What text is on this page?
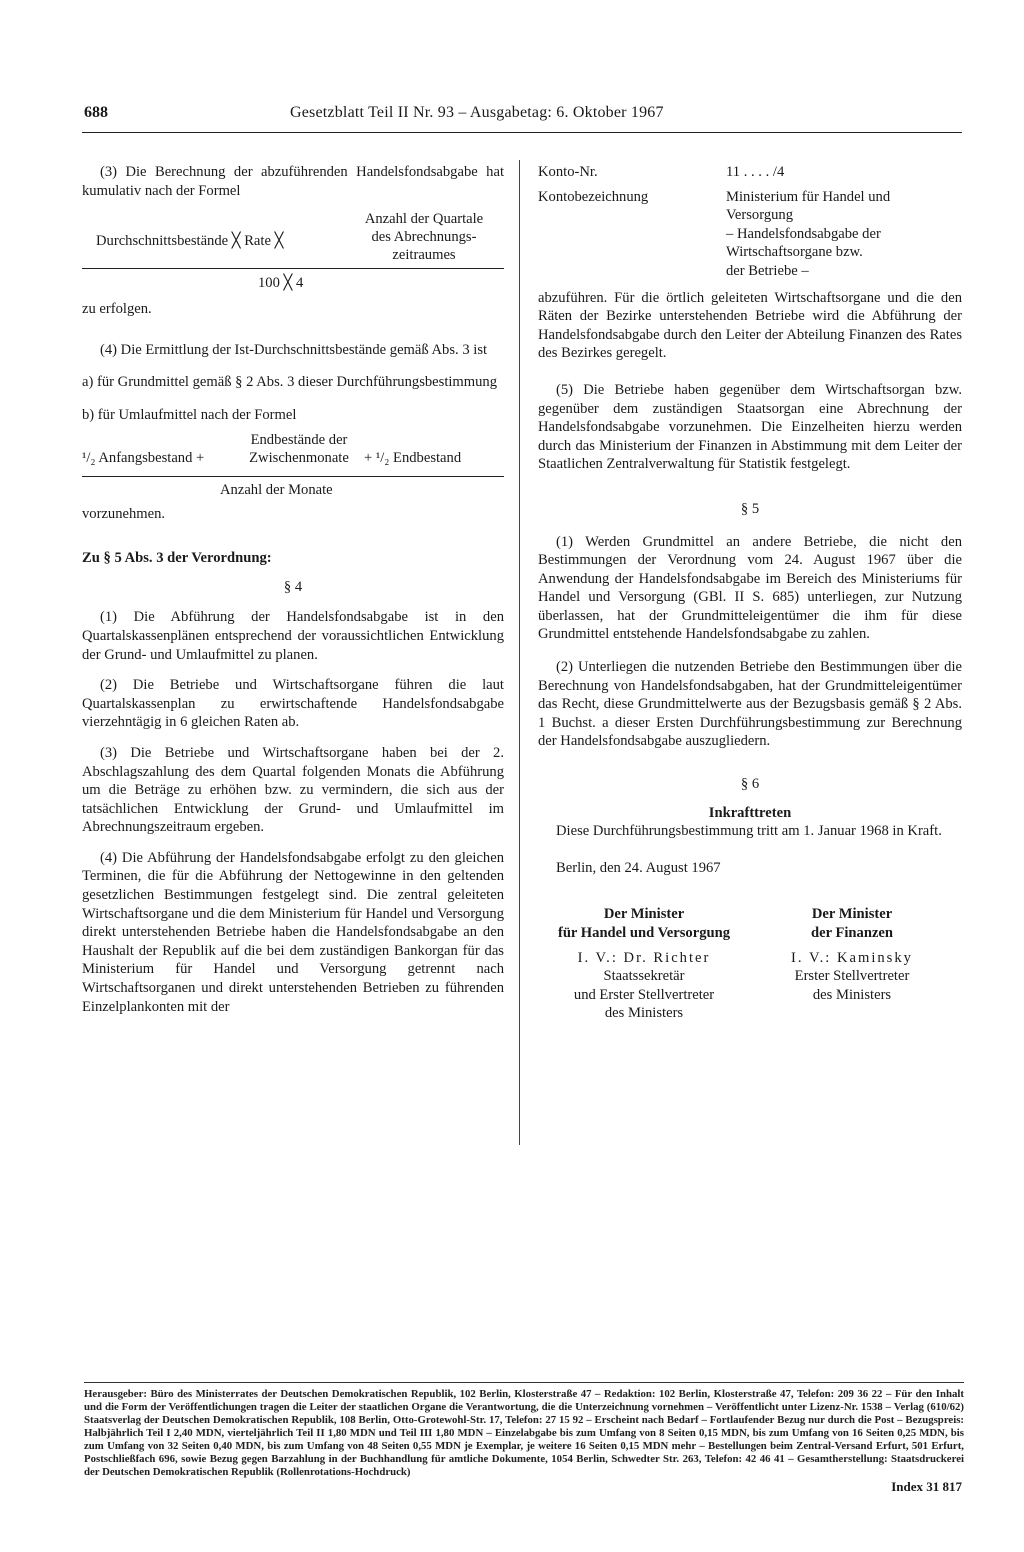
688	Gesetzblatt Teil II Nr. 93 – Ausgabetag: 6. Oktober 1967

(3) Die Berechnung der abzuführenden Handelsfondsabgabe hat kumulativ nach der Formel

Durchschnittsbestände ╳ Rate ╳
Anzahl der Quartale
des Abrechnungs-
zeitraumes
100 ╳ 4

zu erfolgen.

(4) Die Ermittlung der Ist-Durchschnittsbestände gemäß Abs. 3 ist

a) für Grundmittel gemäß § 2 Abs. 3 dieser Durchführungsbestimmung

b) für Umlaufmittel nach der Formel

¹/₂ Anfangsbestand +
Endbestände der
Zwischenmonate	+ ¹/₂ Endbestand
Anzahl der Monate

vorzunehmen.

Zu § 5 Abs. 3 der Verordnung:

§ 4

(1) Die Abführung der Handelsfondsabgabe ist in den Quartalskassenplänen entsprechend der voraussichtlichen Entwicklung der Grund- und Umlaufmittel zu planen.

(2) Die Betriebe und Wirtschaftsorgane führen die laut Quartalskassenplan zu erwirtschaftende Handelsfondsabgabe vierzehntägig in 6 gleichen Raten ab.

(3) Die Betriebe und Wirtschaftsorgane haben bei der 2. Abschlagszahlung des dem Quartal folgenden Monats die Abführung um die Beträge zu erhöhen bzw. zu vermindern, die sich aus der tatsächlichen Entwicklung der Grund- und Umlaufmittel im Abrechnungszeitraum ergeben.

(4) Die Abführung der Handelsfondsabgabe erfolgt zu den gleichen Terminen, die für die Abführung der Nettogewinne in den geltenden gesetzlichen Bestimmungen festgelegt sind. Die zentral geleiteten Wirtschaftsorgane und die dem Ministerium für Handel und Versorgung direkt unterstehenden Betriebe haben die Handelsfondsabgabe an den Haushalt der Republik auf die bei dem zuständigen Bankorgan für das Ministerium für Handel und Versorgung getrennt nach Wirtschaftsorganen und direkt unterstehenden Betrieben zu führenden Einzelplankonten mit der

Konto-Nr.	11 . . . . /4
Kontobezeichnung	Ministerium für Handel und
Versorgung
– Handelsfondsabgabe der
Wirtschaftsorgane bzw.
der Betriebe –

abzuführen. Für die örtlich geleiteten Wirtschaftsorgane und die den Räten der Bezirke unterstehenden Betriebe wird die Abführung der Handelsfondsabgabe durch den Leiter der Abteilung Finanzen des Rates des Bezirkes geregelt.

(5) Die Betriebe haben gegenüber dem Wirtschaftsorgan bzw. gegenüber dem zuständigen Staatsorgan eine Abrechnung der Handelsfondsabgabe vorzunehmen. Die Einzelheiten hierzu werden durch das Ministerium der Finanzen in Abstimmung mit dem Leiter der Staatlichen Zentralverwaltung für Statistik festgelegt.

§ 5

(1) Werden Grundmittel an andere Betriebe, die nicht den Bestimmungen der Verordnung vom 24. August 1967 über die Anwendung der Handelsfondsabgabe im Bereich des Ministeriums für Handel und Versorgung (GBl. II S. 685) unterliegen, zur Nutzung überlassen, hat der Grundmitteleigentümer die ihm für diese Grundmittel entstehende Handelsfondsabgabe zu zahlen.

(2) Unterliegen die nutzenden Betriebe den Bestimmungen über die Berechnung von Handelsfondsabgaben, hat der Grundmitteleigentümer das Recht, diese Grundmittelwerte aus der Bezugsbasis gemäß § 2 Abs. 1 Buchst. a dieser Ersten Durchführungsbestimmung zur Berechnung der Handelsfondsabgabe auszugliedern.

§ 6

Inkrafttreten

Diese Durchführungsbestimmung tritt am 1. Januar 1968 in Kraft.

Berlin, den 24. August 1967

Der Minister
für Handel und Versorgung
I. V.: Dr. Richter
Staatssekretär
und Erster Stellvertreter
des Ministers
Der Minister
der Finanzen
I. V.: Kaminsky
Erster Stellvertreter
des Ministers
Herausgeber: Büro des Ministerrates der Deutschen Demokratischen Republik, 102 Berlin, Klosterstraße 47 – Redaktion: 102 Berlin, Klosterstraße 47, Telefon: 209 36 22 – Für den Inhalt und die Form der Veröffentlichungen tragen die Leiter der staatlichen Organe die Verantwortung, die die Unterzeichnung vornehmen – Veröffentlicht unter Lizenz-Nr. 1538 – Verlag (610/62) Staatsverlag der Deutschen Demokratischen Republik, 108 Berlin, Otto-Grotewohl-Str. 17, Telefon: 27 15 92 – Erscheint nach Bedarf – Fortlaufender Bezug nur durch die Post – Bezugspreis: Halbjährlich Teil I 2,40 MDN, vierteljährlich Teil II 1,80 MDN und Teil III 1,80 MDN – Einzelabgabe bis zum Umfang von 8 Seiten 0,15 MDN, bis zum Umfang von 16 Seiten 0,25 MDN, bis zum Umfang von 32 Seiten 0,40 MDN, bis zum Umfang von 48 Seiten 0,55 MDN je Exemplar, je weitere 16 Seiten 0,15 MDN mehr – Bestellungen beim Zentral-Versand Erfurt, 501 Erfurt, Postschließfach 696, sowie Bezug gegen Barzahlung in der Buchhandlung für amtliche Dokumente, 1054 Berlin, Schwedter Str. 263, Telefon: 42 46 41 – Gesamtherstellung: Staatsdruckerei der Deutschen Demokratischen Republik (Rollenrotations-Hochdruck)
Index 31 817
